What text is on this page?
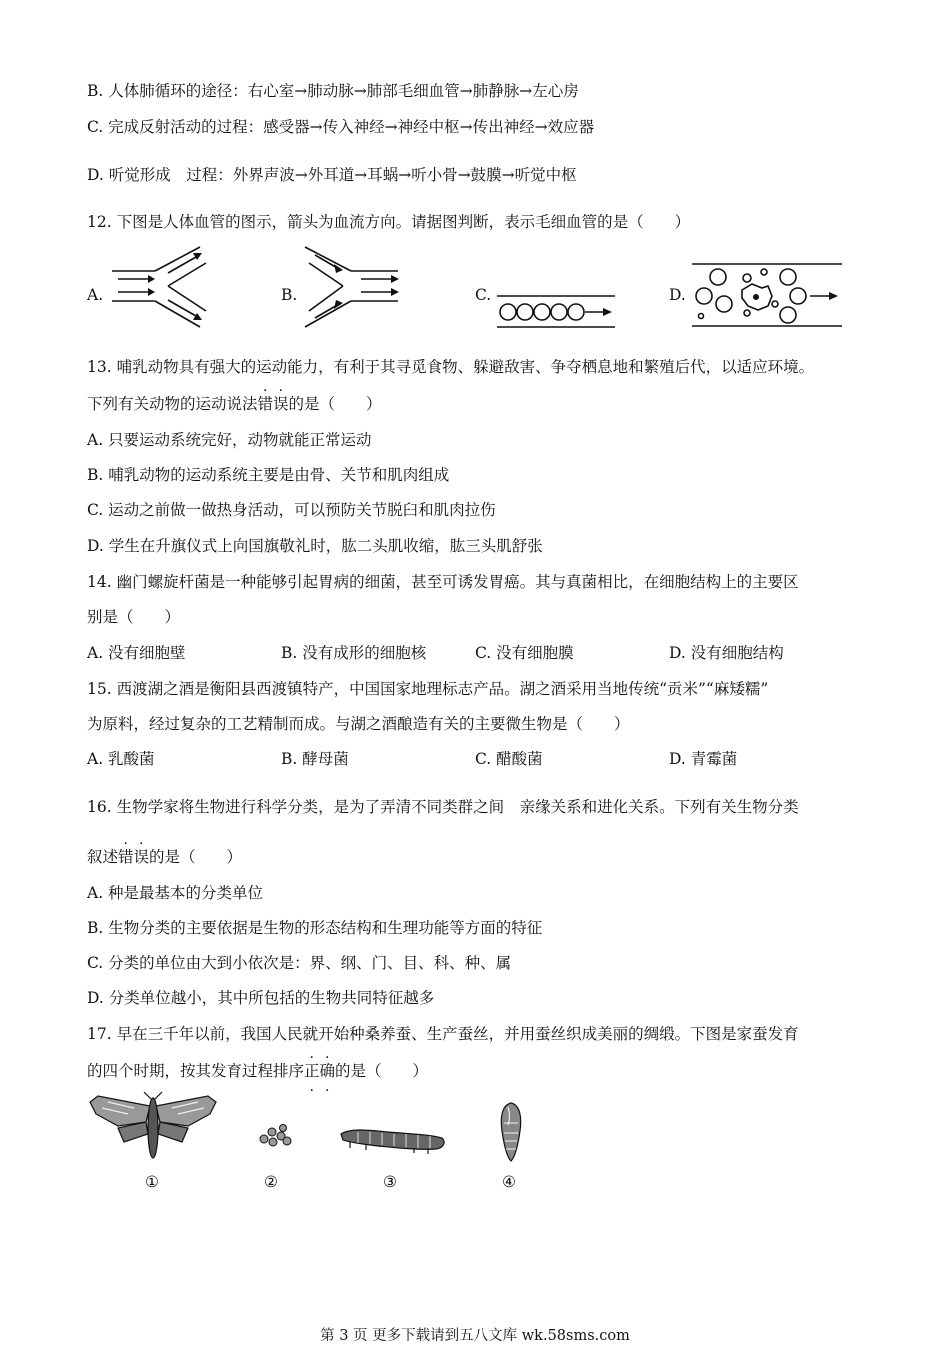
B. 人体肺循环的途径：右心室→肺动脉→肺部毛细血管→肺静脉→左心房
C. 完成反射活动的过程：感受器→传入神经→神经中枢→传出神经→效应器
D. 听觉形成　过程：外界声波→外耳道→耳蜗→听小骨→鼓膜→听觉中枢
12. 下图是人体血管的图示，箭头为血流方向。请据图判断，表示毛细血管的是（　　）
A.	B.	C.	D.
13. 哺乳动物具有强大的运动能力，有利于其寻觅食物、躲避敌害、争夺栖息地和繁殖后代，以适应环境。
下列有关动物的运动说法错误的是（　　）
A. 只要运动系统完好，动物就能正常运动
B. 哺乳动物的运动系统主要是由骨、关节和肌肉组成
C. 运动之前做一做热身活动，可以预防关节脱臼和肌肉拉伤
D. 学生在升旗仪式上向国旗敬礼时，肱二头肌收缩，肱三头肌舒张
14. 幽门螺旋杆菌是一种能够引起胃病的细菌，甚至可诱发胃癌。其与真菌相比，在细胞结构上的主要区
别是（　　）
A. 没有细胞壁	B. 没有成形的细胞核	C. 没有细胞膜	D. 没有细胞结构
15. 西渡湖之酒是衡阳县西渡镇特产，中国国家地理标志产品。湖之酒采用当地传统“贡米”“麻矮糯”
为原料，经过复杂的工艺精制而成。与湖之酒酿造有关的主要微生物是（　　）
A. 乳酸菌	B. 酵母菌	C. 醋酸菌	D. 青霉菌
16. 生物学家将生物进行科学分类，是为了弄清不同类群之间　亲缘关系和进化关系。下列有关生物分类
叙述错误的是（　　）
A. 种是最基本的分类单位
B. 生物分类的主要依据是生物的形态结构和生理功能等方面的特征
C. 分类的单位由大到小依次是：界、纲、门、目、科、种、属
D. 分类单位越小，其中所包括的生物共同特征越多
17. 早在三千年以前，我国人民就开始种桑养蚕、生产蚕丝，并用蚕丝织成美丽的绸缎。下图是家蚕发育
的四个时期，按其发育过程排序正确的是（　　）
①	②	③	④
第 3 页 更多下载请到五八文库 wk.58sms.com
